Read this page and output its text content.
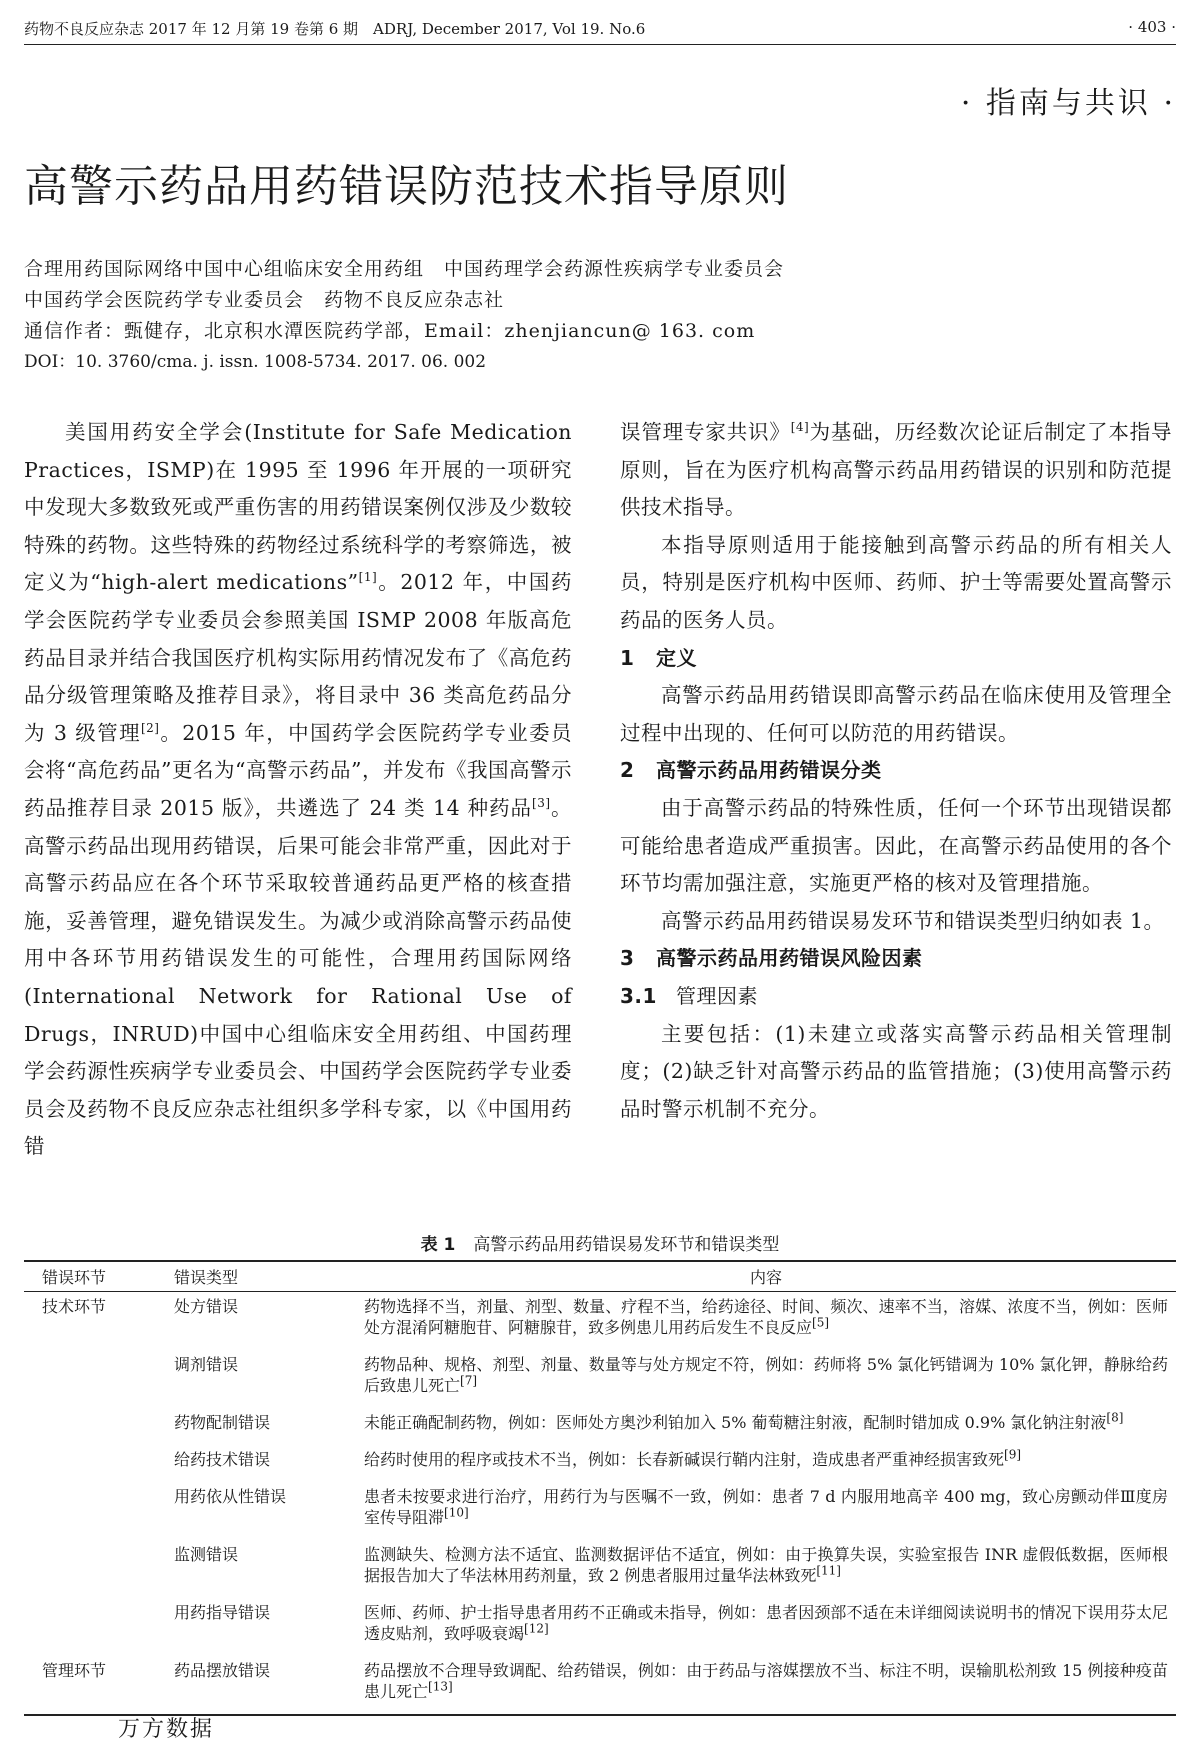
药物不良反应杂志 2017 年 12 月第 19 卷第 6 期　ADRJ, December 2017, Vol 19. No.6	· 403 ·
· 指南与共识 ·
高警示药品用药错误防范技术指导原则
合理用药国际网络中国中心组临床安全用药组　中国药理学会药源性疾病学专业委员会
中国药学会医院药学专业委员会　药物不良反应杂志社
通信作者：甄健存，北京积水潭医院药学部，Email：zhenjiancun@ 163. com
DOI：10. 3760/cma. j. issn. 1008-5734. 2017. 06. 002

美国用药安全学会(Institute for Safe Medication Practices，ISMP)在 1995 至 1996 年开展的一项研究中发现大多数致死或严重伤害的用药错误案例仅涉及少数较特殊的药物。这些特殊的药物经过系统科学的考察筛选，被定义为“high-alert medications”[1]。2012 年，中国药学会医院药学专业委员会参照美国 ISMP 2008 年版高危药品目录并结合我国医疗机构实际用药情况发布了《高危药品分级管理策略及推荐目录》，将目录中 36 类高危药品分为 3 级管理[2]。2015 年，中国药学会医院药学专业委员会将“高危药品”更名为“高警示药品”，并发布《我国高警示药品推荐目录 2015 版》，共遴选了 24 类 14 种药品[3]。高警示药品出现用药错误，后果可能会非常严重，因此对于高警示药品应在各个环节采取较普通药品更严格的核查措施，妥善管理，避免错误发生。为减少或消除高警示药品使用中各环节用药错误发生的可能性，合理用药国际网络(International Network for Rational Use of Drugs，INRUD)中国中心组临床安全用药组、中国药理学会药源性疾病学专业委员会、中国药学会医院药学专业委员会及药物不良反应杂志社组织多学科专家，以《中国用药错

误管理专家共识》[4]为基础，历经数次论证后制定了本指导原则，旨在为医疗机构高警示药品用药错误的识别和防范提供技术指导。

本指导原则适用于能接触到高警示药品的所有相关人员，特别是医疗机构中医师、药师、护士等需要处置高警示药品的医务人员。

1 定义

高警示药品用药错误即高警示药品在临床使用及管理全过程中出现的、任何可以防范的用药错误。

2 高警示药品用药错误分类

由于高警示药品的特殊性质，任何一个环节出现错误都可能给患者造成严重损害。因此，在高警示药品使用的各个环节均需加强注意，实施更严格的核对及管理措施。

高警示药品用药错误易发环节和错误类型归纳如表 1。

3 高警示药品用药错误风险因素

3.1 管理因素

主要包括：(1)未建立或落实高警示药品相关管理制度；(2)缺乏针对高警示药品的监管措施；(3)使用高警示药品时警示机制不充分。

表 1 高警示药品用药错误易发环节和错误类型
错误环节	错误类型	内容
技术环节	处方错误	药物选择不当，剂量、剂型、数量、疗程不当，给药途径、时间、频次、速率不当，溶媒、浓度不当，例如：医师处方混淆阿糖胞苷、阿糖腺苷，致多例患儿用药后发生不良反应[5]
	调剂错误	药物品种、规格、剂型、剂量、数量等与处方规定不符，例如：药师将 5% 氯化钙错调为 10% 氯化钾，静脉给药后致患儿死亡[7]
	药物配制错误	未能正确配制药物，例如：医师处方奥沙利铂加入 5% 葡萄糖注射液，配制时错加成 0.9% 氯化钠注射液[8]
	给药技术错误	给药时使用的程序或技术不当，例如：长春新碱误行鞘内注射，造成患者严重神经损害致死[9]
	用药依从性错误	患者未按要求进行治疗，用药行为与医嘱不一致，例如：患者 7 d 内服用地高辛 400 mg，致心房颤动伴Ⅲ度房室传导阻滞[10]
	监测错误	监测缺失、检测方法不适宜、监测数据评估不适宜，例如：由于换算失误，实验室报告 INR 虚假低数据，医师根据报告加大了华法林用药剂量，致 2 例患者服用过量华法林致死[11]
	用药指导错误	医师、药师、护士指导患者用药不正确或未指导，例如：患者因颈部不适在未详细阅读说明书的情况下误用芬太尼透皮贴剂，致呼吸衰竭[12]
管理环节	药品摆放错误	药品摆放不合理导致调配、给药错误，例如：由于药品与溶媒摆放不当、标注不明，误输肌松剂致 15 例接种疫苗患儿死亡[13]
万方数据
